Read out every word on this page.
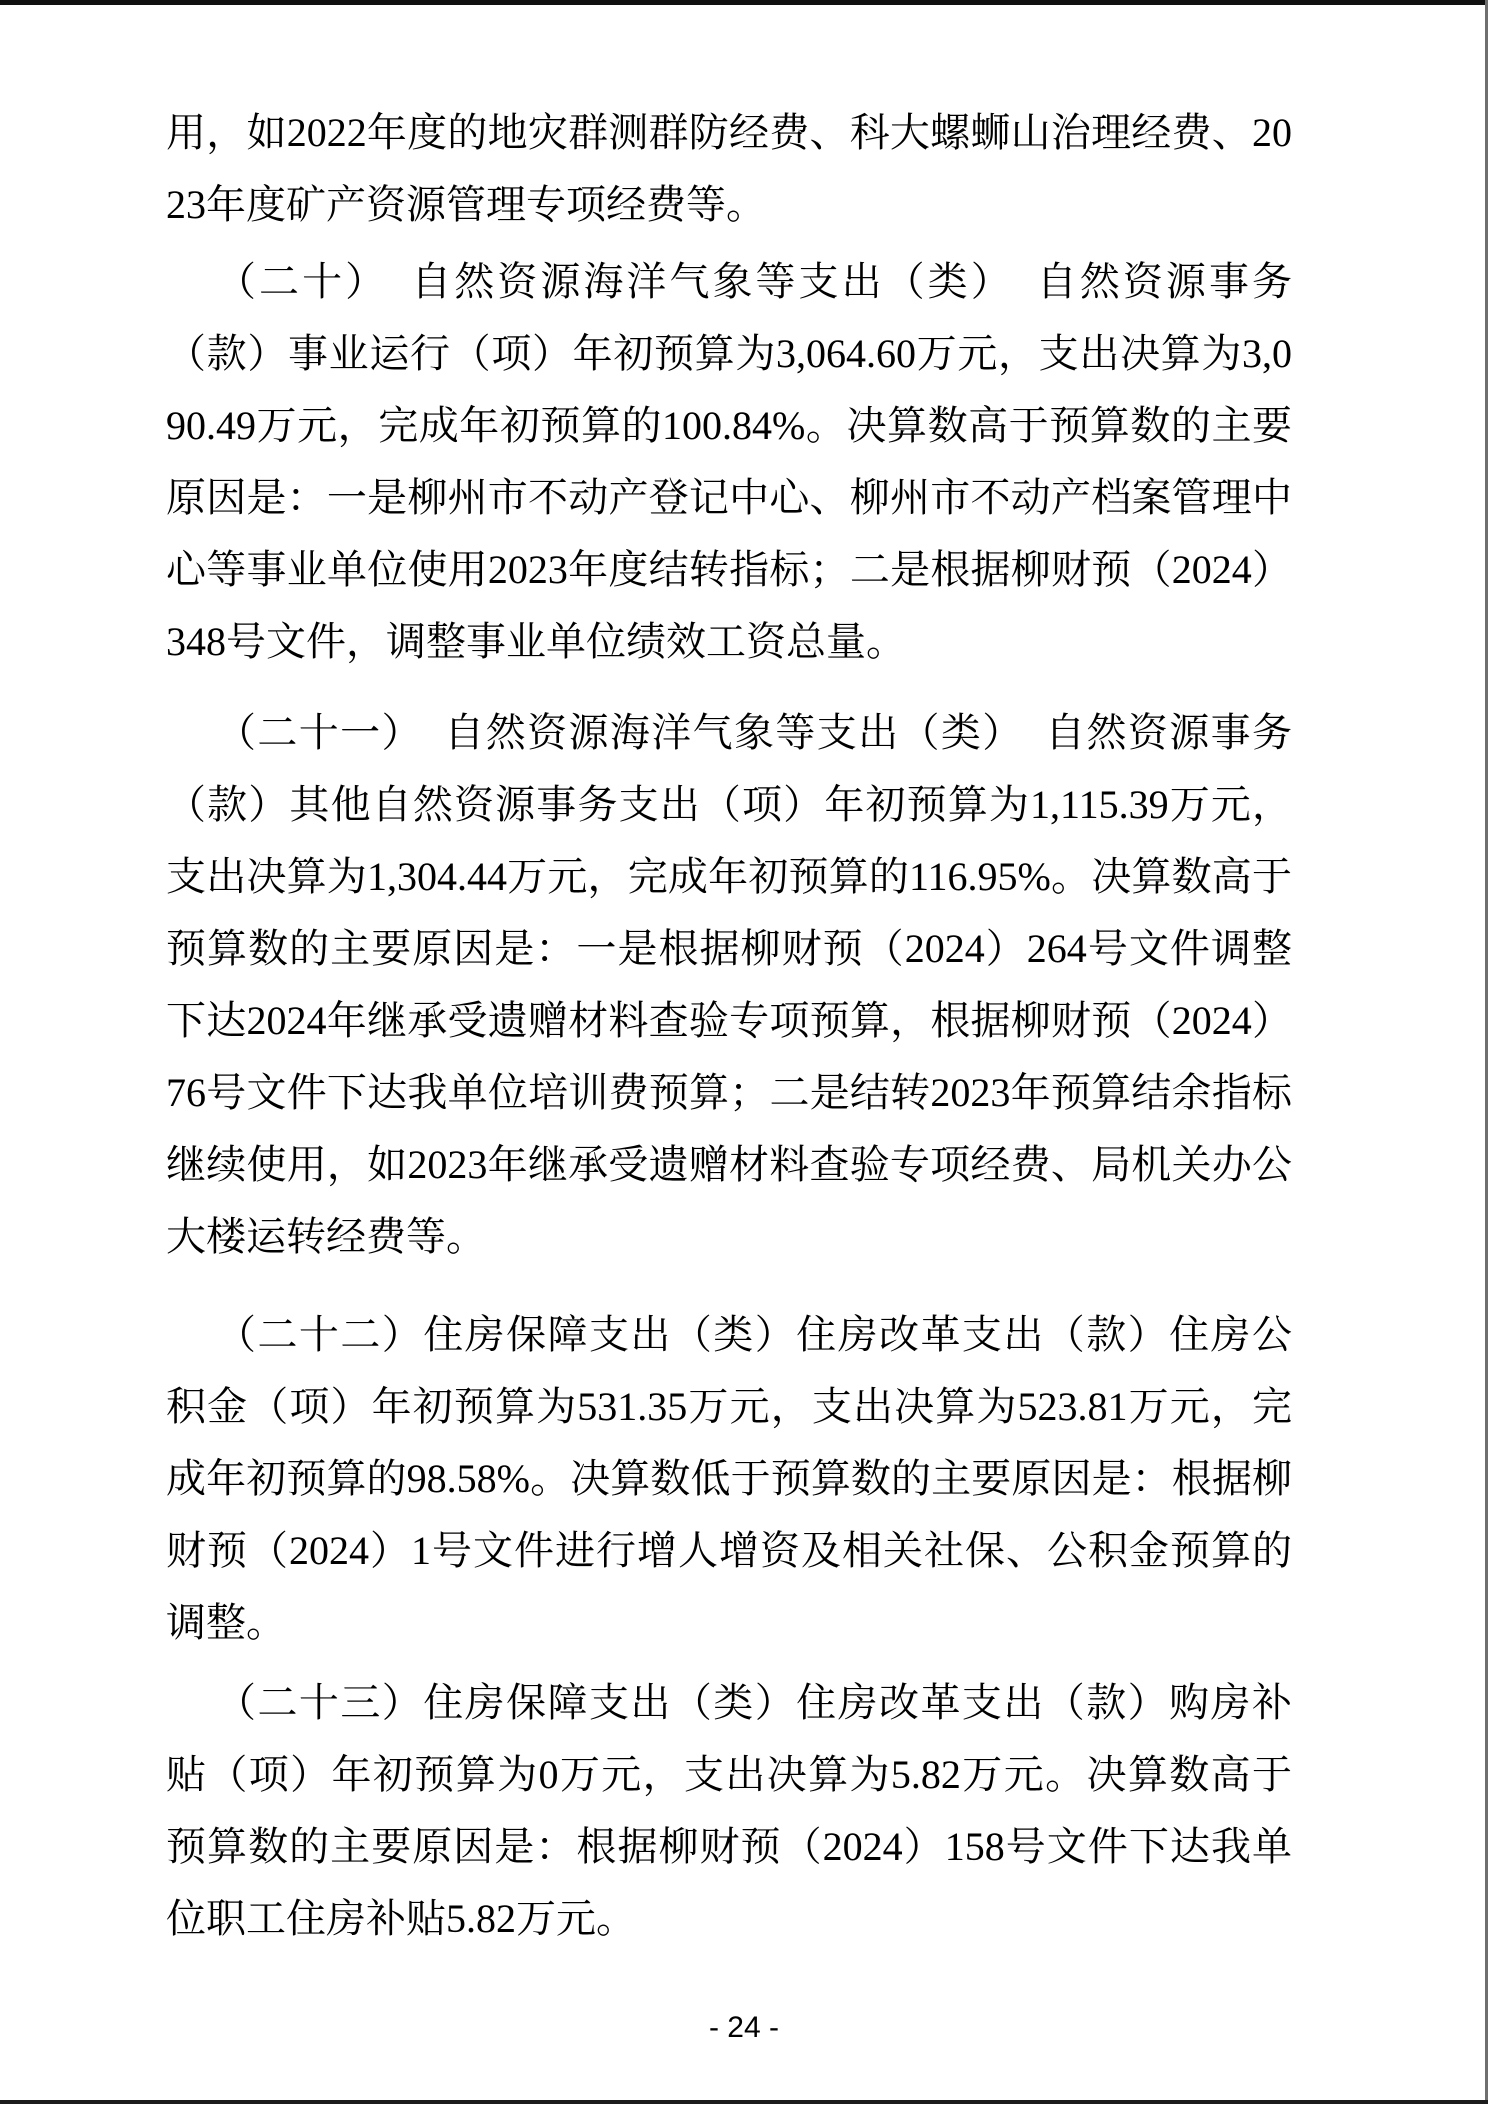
用，如2022年度的地灾群测群防经费、科大螺蛳山治理经费、2023年度矿产资源管理专项经费等。

（二十）　自然资源海洋气象等支出（类）　自然资源事务（款）事业运行（项）年初预算为3,064.60万元，支出决算为3,090.49万元，完成年初预算的100.84%。决算数高于预算数的主要原因是：一是柳州市不动产登记中心、柳州市不动产档案管理中心等事业单位使用2023年度结转指标；二是根据柳财预（2024）348号文件，调整事业单位绩效工资总量。

（二十一）　自然资源海洋气象等支出（类）　自然资源事务（款）其他自然资源事务支出（项）年初预算为1,115.39万元，支出决算为1,304.44万元，完成年初预算的116.95%。决算数高于预算数的主要原因是：一是根据柳财预（2024）264号文件调整下达2024年继承受遗赠材料查验专项预算，根据柳财预（2024）76号文件下达我单位培训费预算；二是结转2023年预算结余指标继续使用，如2023年继承受遗赠材料查验专项经费、局机关办公大楼运转经费等。

（二十二）住房保障支出（类）住房改革支出（款）住房公积金（项）年初预算为531.35万元，支出决算为523.81万元，完成年初预算的98.58%。决算数低于预算数的主要原因是：根据柳财预（2024）1号文件进行增人增资及相关社保、公积金预算的调整。

（二十三）住房保障支出（类）住房改革支出（款）购房补贴（项）年初预算为0万元，支出决算为5.82万元。决算数高于预算数的主要原因是：根据柳财预（2024）158号文件下达我单位职工住房补贴5.82万元。

- 24 -
